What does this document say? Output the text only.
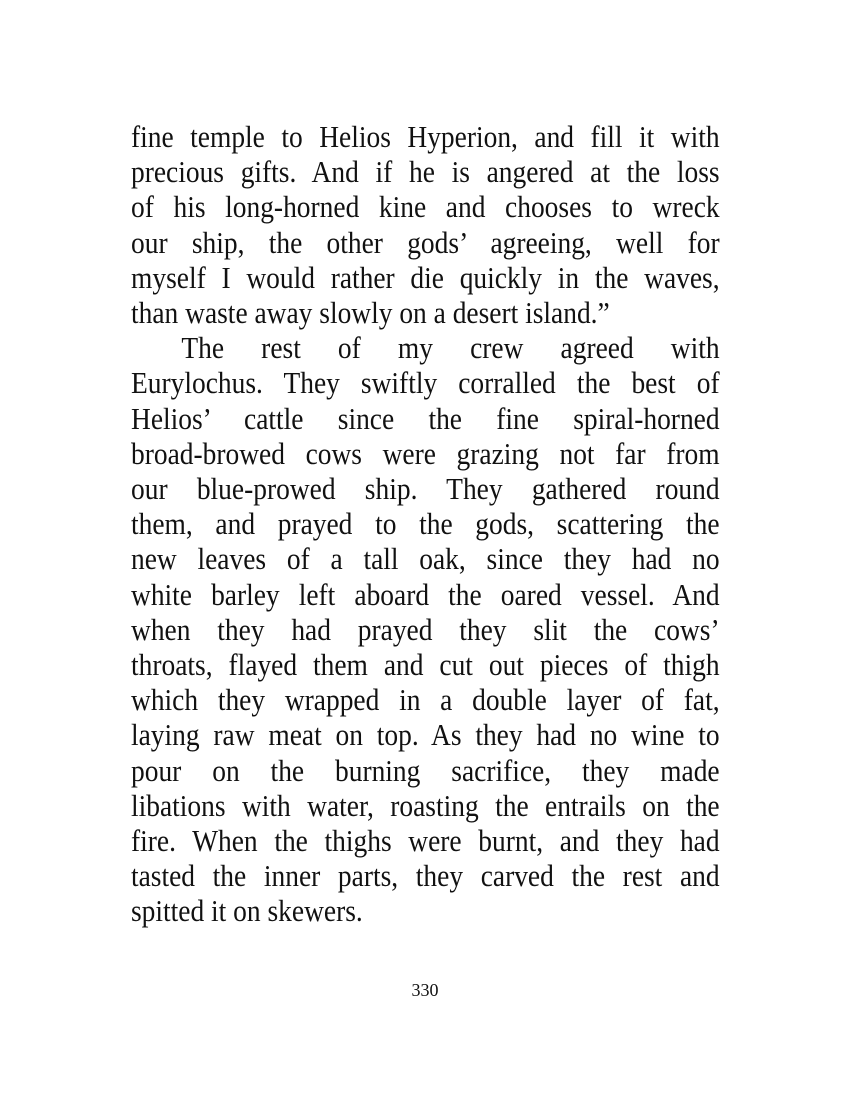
fine temple to Helios Hyperion, and fill it with
precious gifts. And if he is angered at the loss
of his long-horned kine and chooses to wreck
our ship, the other gods’ agreeing, well for
myself I would rather die quickly in the waves,
than waste away slowly on a desert island.”
The rest of my crew agreed with
Eurylochus. They swiftly corralled the best of
Helios’ cattle since the fine spiral-horned
broad-browed cows were grazing not far from
our blue-prowed ship. They gathered round
them, and prayed to the gods, scattering the
new leaves of a tall oak, since they had no
white barley left aboard the oared vessel. And
when they had prayed they slit the cows’
throats, flayed them and cut out pieces of thigh
which they wrapped in a double layer of fat,
laying raw meat on top. As they had no wine to
pour on the burning sacrifice, they made
libations with water, roasting the entrails on the
fire. When the thighs were burnt, and they had
tasted the inner parts, they carved the rest and
spitted it on skewers.
330
